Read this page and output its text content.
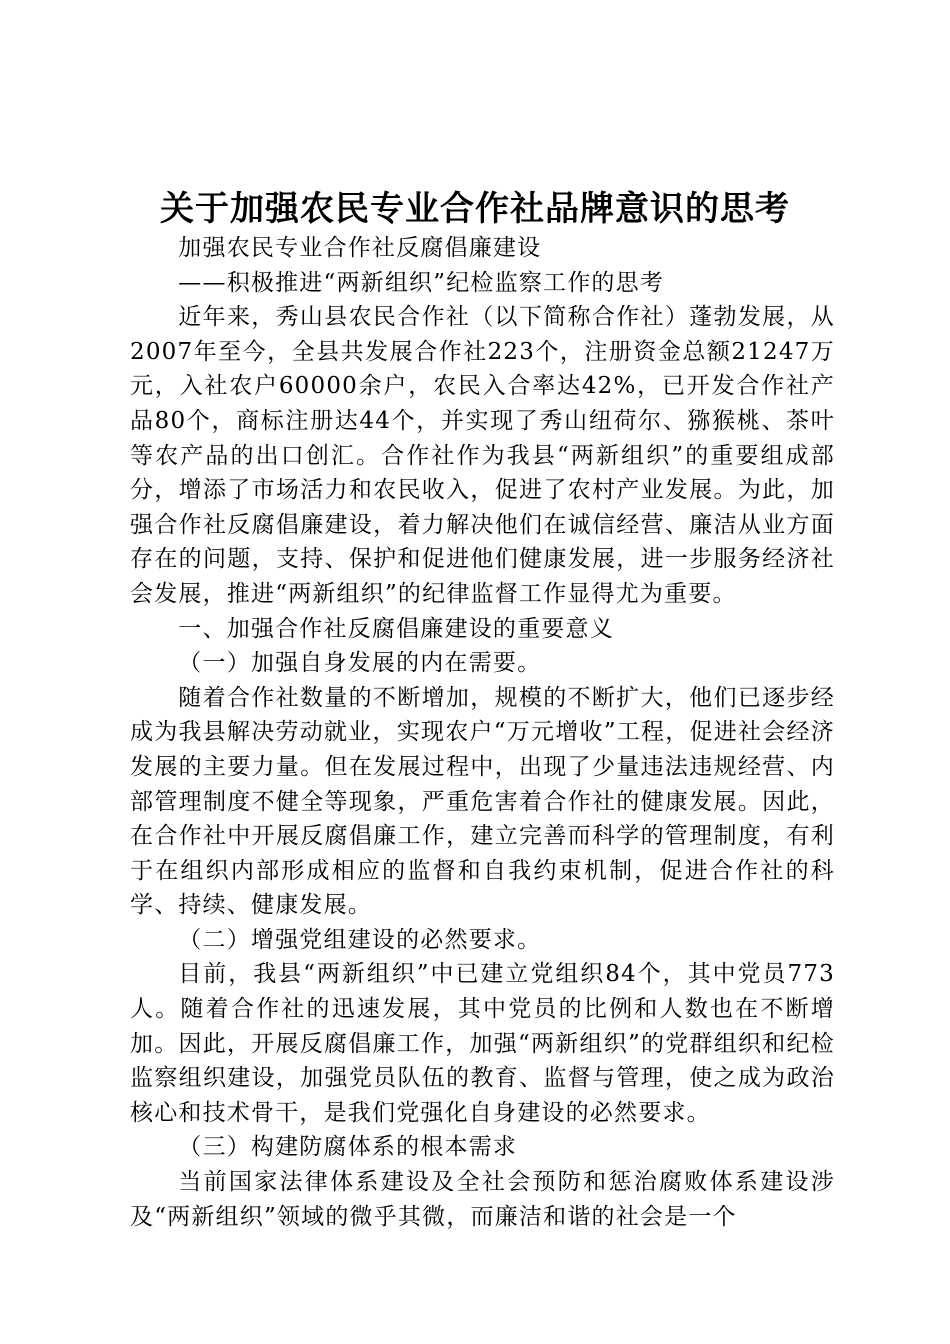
关于加强农民专业合作社品牌意识的思考

加强农民专业合作社反腐倡廉建设

——积极推进“两新组织”纪检监察工作的思考

近年来，秀山县农民合作社（以下简称合作社）蓬勃发展，从2007年至今，全县共发展合作社223个，注册资金总额21247万元，入社农户60000余户，农民入合率达42%，已开发合作社产品80个，商标注册达44个，并实现了秀山纽荷尔、猕猴桃、茶叶等农产品的出口创汇。合作社作为我县“两新组织”的重要组成部分，增添了市场活力和农民收入，促进了农村产业发展。为此，加强合作社反腐倡廉建设，着力解决他们在诚信经营、廉洁从业方面存在的问题，支持、保护和促进他们健康发展，进一步服务经济社会发展，推进“两新组织”的纪律监督工作显得尤为重要。

一、加强合作社反腐倡廉建设的重要意义

（一）加强自身发展的内在需要。

随着合作社数量的不断增加，规模的不断扩大，他们已逐步经成为我县解决劳动就业，实现农户“万元增收”工程，促进社会经济发展的主要力量。但在发展过程中，出现了少量违法违规经营、内部管理制度不健全等现象，严重危害着合作社的健康发展。因此，在合作社中开展反腐倡廉工作，建立完善而科学的管理制度，有利于在组织内部形成相应的监督和自我约束机制，促进合作社的科学、持续、健康发展。

（二）增强党组建设的必然要求。

目前，我县“两新组织”中已建立党组织84个，其中党员773人。随着合作社的迅速发展，其中党员的比例和人数也在不断增加。因此，开展反腐倡廉工作，加强“两新组织”的党群组织和纪检监察组织建设，加强党员队伍的教育、监督与管理，使之成为政治核心和技术骨干，是我们党强化自身建设的必然要求。

（三）构建防腐体系的根本需求

当前国家法律体系建设及全社会预防和惩治腐败体系建设涉及“两新组织”领域的微乎其微，而廉洁和谐的社会是一个
